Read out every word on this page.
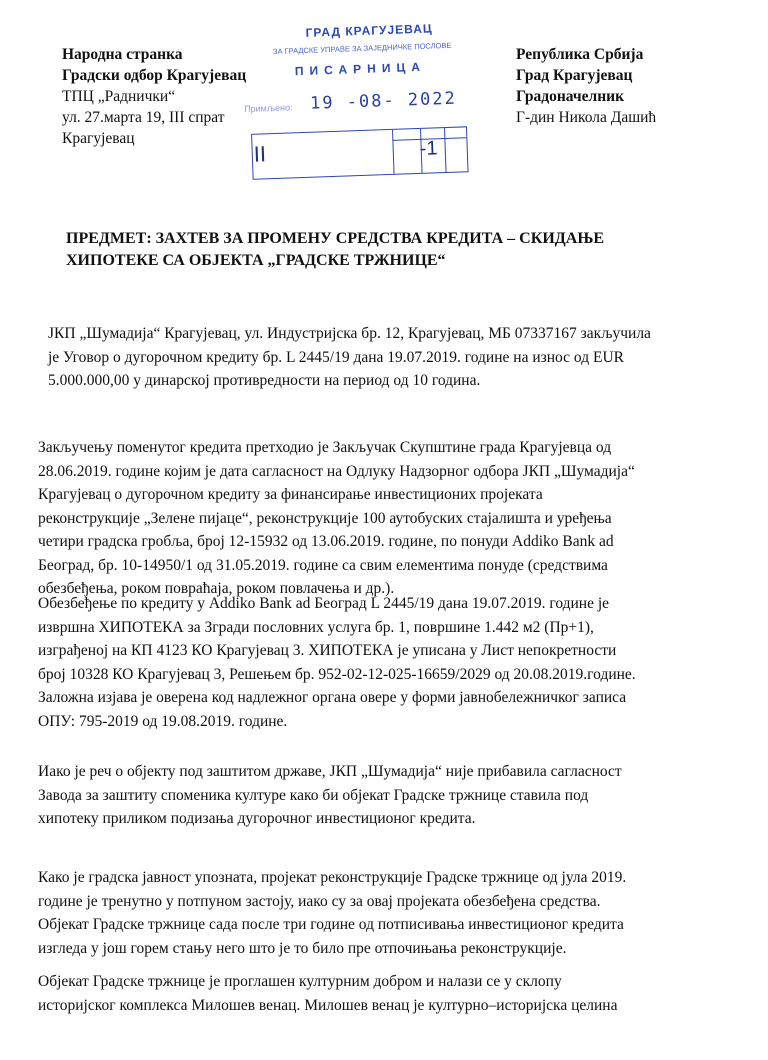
Народна странка
Градски одбор Крагујевац
ТПЦ „Раднички“
ул. 27.марта 19, III спрат
Крагујевац
ГРАД КРАГУЈЕВАЦ
ЗА ГРАДСКЕ УПРАВЕ ЗА ЗАЈЕДНИЧКЕ ПОСЛОВЕ
ПИСАРНИЦА
Примљено: 19 -08- 2022
II	-1
Република Србија
Град Крагујевац
Градоначелник
Г-дин Никола Дашић
ПРЕДМЕТ: ЗАХТЕВ ЗА ПРОМЕНУ СРЕДСТВА КРЕДИТА – СКИДАЊЕ
ХИПОТЕКЕ СА ОБЈЕКТА „ГРАДСКЕ ТРЖНИЦЕ“
ЈКП „Шумадија“ Крагујевац, ул. Индустријска бр. 12, Крагујевац, МБ 07337167 закључила
је Уговор о дугорочном кредиту бр. L 2445/19 дана 19.07.2019. године на износ од EUR
5.000.000,00 у динарској противредности на период од 10 година.
Закључењу поменутог кредита претходио је Закључак Скупштине града Крагујевца од
28.06.2019. године којим је дата сагласност на Одлуку Надзорног одбора ЈКП „Шумадија“
Крагујевац о дугорочном кредиту за финансирање инвестиционих пројеката
реконструкције „Зелене пијаце“, реконструкције 100 аутобуских стајалишта и уређења
четири градска гробља, број 12-15932 од 13.06.2019. године, по понуди Addiko Bank ad
Београд, бр. 10-14950/1 од 31.05.2019. године са свим елементима понуде (средствима
обезбеђења, роком повраћаја, роком повлачења и др.).
Обезбеђење по кредиту у Addiko Bank ad Београд L 2445/19 дана 19.07.2019. године је
извршна ХИПОТЕКА за Згради пословних услуга бр. 1, површине 1.442 м2 (Пр+1),
изграђеној на КП 4123 КО Крагујевац 3. ХИПОТЕКА је уписана у Лист непокретности
број 10328 КО Крагујевац 3, Решењем бр. 952-02-12-025-16659/2029 од 20.08.2019.године.
Заложна изјава је оверена код надлежног органа овере у форми јавнобележничког записа
ОПУ: 795-2019 од 19.08.2019. године.
Иако је реч о објекту под заштитом државе, ЈКП „Шумадија“ није прибавила сагласност
Завода за заштиту споменика културе како би објекат Градске тржнице ставила под
хипотеку приликом подизања дугорочног инвестиционог кредита.
Како је градска јавност упозната, пројекат реконструкције Градске тржнице од јула 2019.
године је тренутно у потпуном застоју, иако су за овај пројеката обезбеђена средства.
Објекат Градске тржнице сада после три године од потписивања инвестиционог кредита
изгледа у још горем стању него што је то било пре отпочињања реконструкције.
Објекат Градске тржнице је проглашен културним добром и налази се у склопу
историјског комплекса Милошев венац. Милошев венац је културно–историјска целина
